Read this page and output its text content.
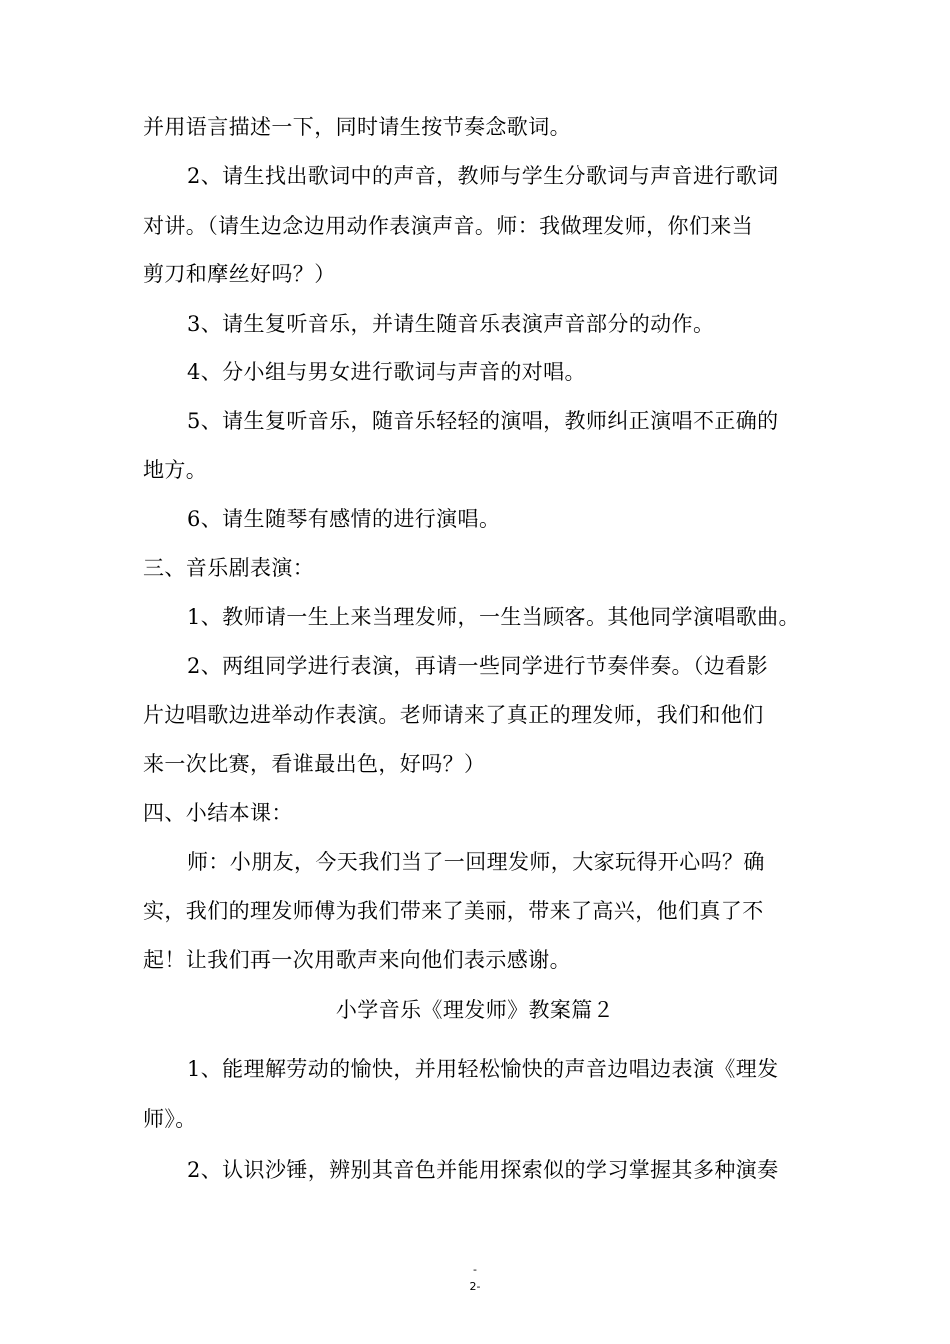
并用语言描述一下，同时请生按节奏念歌词。
2、请生找出歌词中的声音，教师与学生分歌词与声音进行歌词
对讲。（请生边念边用动作表演声音。师：我做理发师，你们来当
剪刀和摩丝好吗？）
3、请生复听音乐，并请生随音乐表演声音部分的动作。
4、分小组与男女进行歌词与声音的对唱。
5、请生复听音乐，随音乐轻轻的演唱，教师纠正演唱不正确的
地方。
6、请生随琴有感情的进行演唱。
三、音乐剧表演：
1、教师请一生上来当理发师，一生当顾客。其他同学演唱歌曲。
2、两组同学进行表演，再请一些同学进行节奏伴奏。（边看影
片边唱歌边进举动作表演。老师请来了真正的理发师，我们和他们
来一次比赛，看谁最出色，好吗？）
四、小结本课：
师：小朋友，今天我们当了一回理发师，大家玩得开心吗？确
实，我们的理发师傅为我们带来了美丽，带来了高兴，他们真了不
起！让我们再一次用歌声来向他们表示感谢。
小学音乐《理发师》教案篇２
1、能理解劳动的愉快，并用轻松愉快的声音边唱边表演《理发
师》。
2、认识沙锤，辨别其音色并能用探索似的学习掌握其多种演奏
-
2-
